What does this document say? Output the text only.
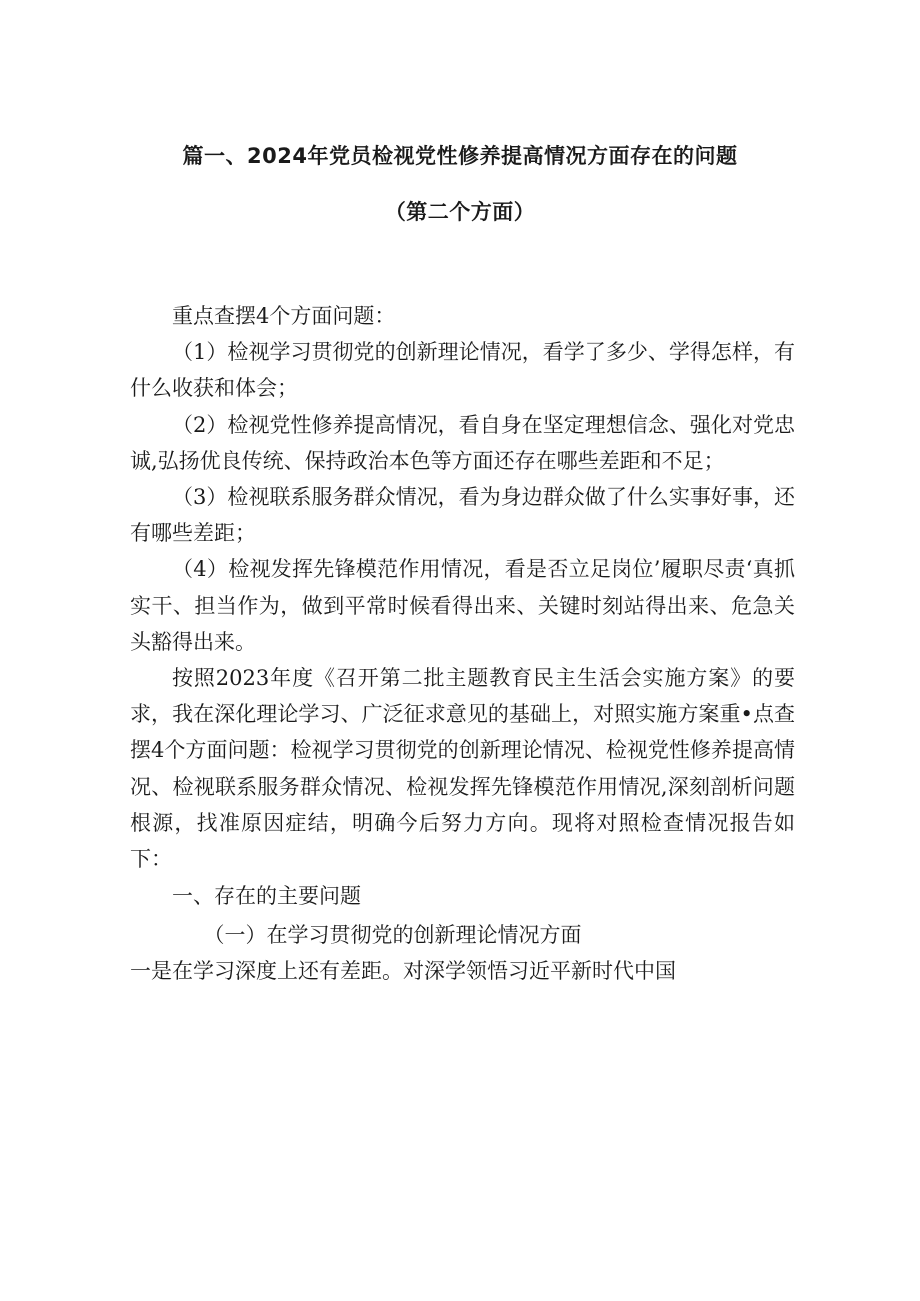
篇一、2024年党员检视党性修养提高情况方面存在的问题
（第二个方面）

重点查摆4个方面问题：

（1）检视学习贯彻党的创新理论情况，看学了多少、学得怎样，有什么收获和体会；

（2）检视党性修养提高情况，看自身在坚定理想信念、强化对党忠诚,弘扬优良传统、保持政治本色等方面还存在哪些差距和不足；

（3）检视联系服务群众情况，看为身边群众做了什么实事好事，还有哪些差距；

（4）检视发挥先锋模范作用情况，看是否立足岗位’履职尽责‘真抓实干、担当作为，做到平常时候看得出来、关键时刻站得出来、危急关头豁得出来。

按照2023年度《召开第二批主题教育民主生活会实施方案》的要求，我在深化理论学习、广泛征求意见的基础上，对照实施方案重•点查摆4个方面问题：检视学习贯彻党的创新理论情况、检视党性修养提高情况、检视联系服务群众情况、检视发挥先锋模范作用情况,深刻剖析问题根源，找准原因症结，明确今后努力方向。现将对照检查情况报告如下：

一、存在的主要问题

（一）在学习贯彻党的创新理论情况方面

一是在学习深度上还有差距。对深学领悟习近平新时代中国
